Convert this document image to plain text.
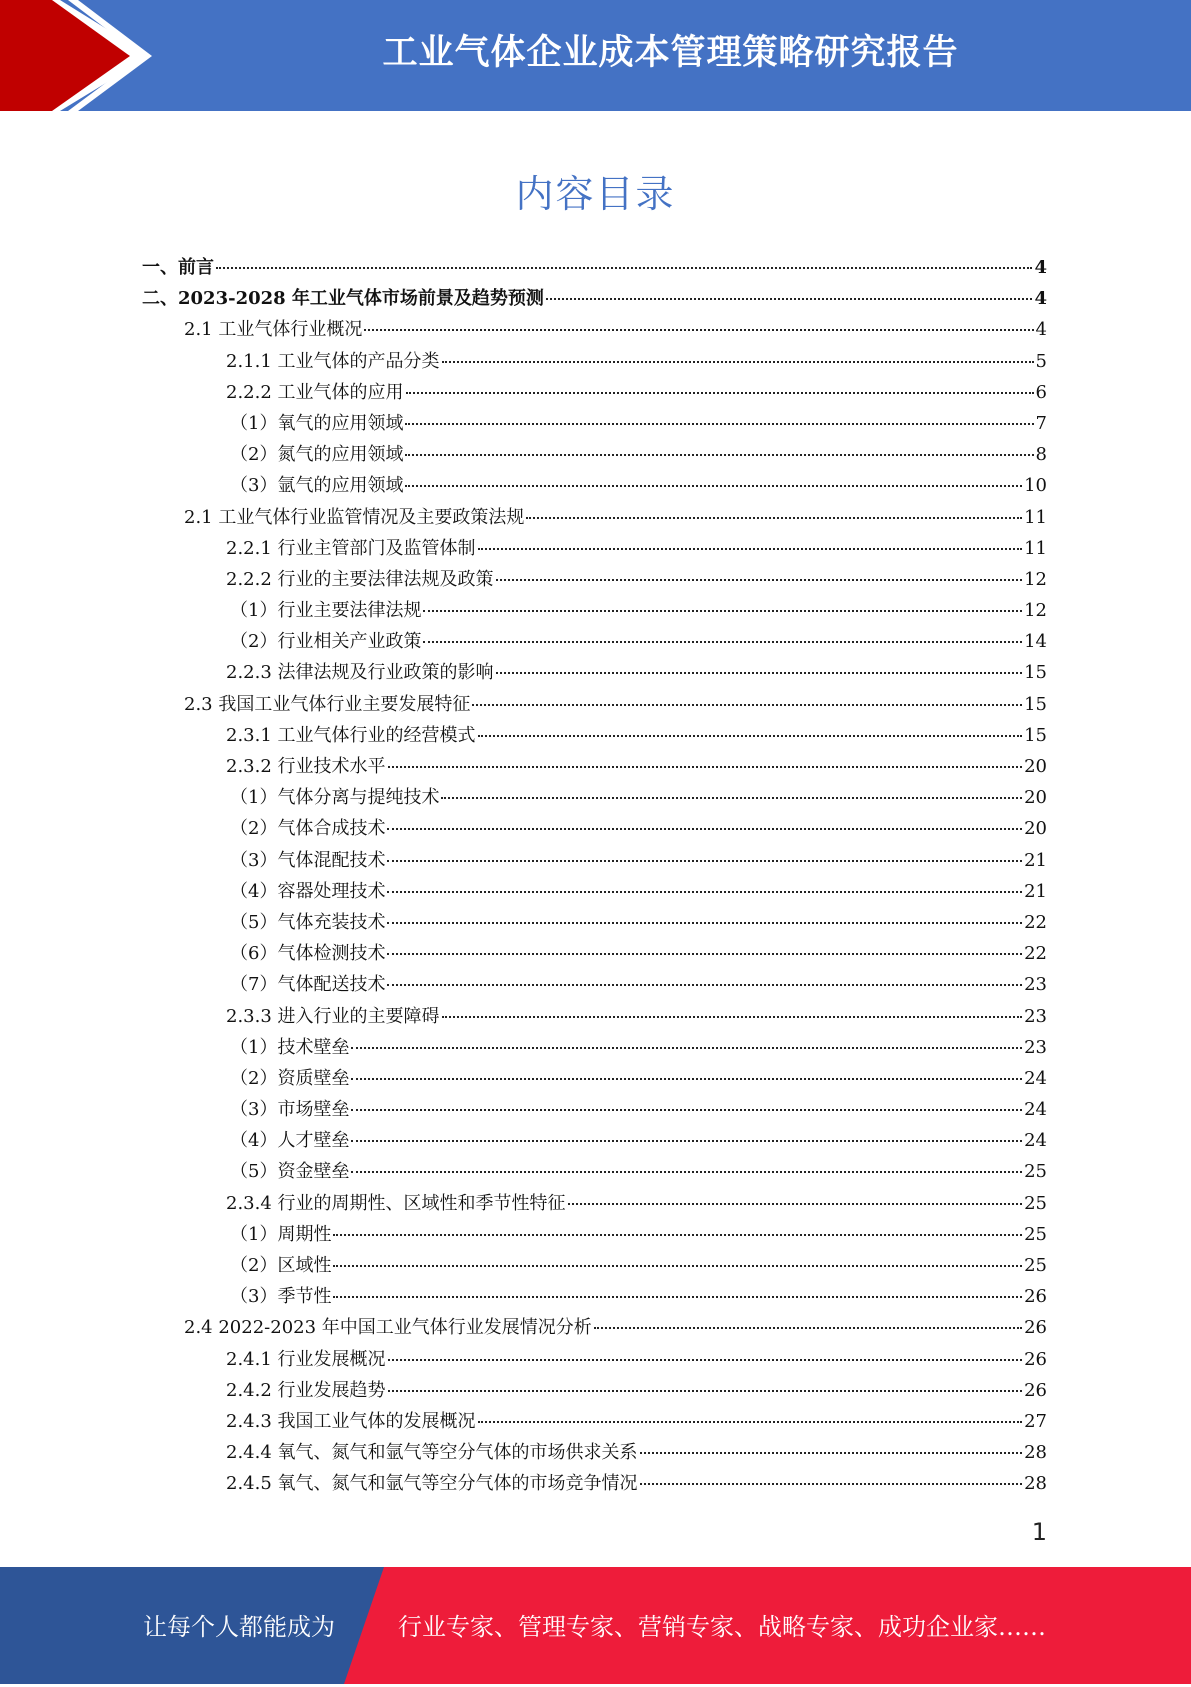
工业气体企业成本管理策略研究报告
内容目录
一、前言	4
二、2023-2028 年工业气体市场前景及趋势预测	4
2.1 工业气体行业概况	4
2.1.1 工业气体的产品分类	5
2.2.2 工业气体的应用	6
（1）氧气的应用领域	7
（2）氮气的应用领域	8
（3）氩气的应用领域	10
2.1 工业气体行业监管情况及主要政策法规	11
2.2.1 行业主管部门及监管体制	11
2.2.2 行业的主要法律法规及政策	12
（1）行业主要法律法规	12
（2）行业相关产业政策	14
2.2.3 法律法规及行业政策的影响	15
2.3 我国工业气体行业主要发展特征	15
2.3.1 工业气体行业的经营模式	15
2.3.2 行业技术水平	20
（1）气体分离与提纯技术	20
（2）气体合成技术	20
（3）气体混配技术	21
（4）容器处理技术	21
（5）气体充装技术	22
（6）气体检测技术	22
（7）气体配送技术	23
2.3.3 进入行业的主要障碍	23
（1）技术壁垒	23
（2）资质壁垒	24
（3）市场壁垒	24
（4）人才壁垒	24
（5）资金壁垒	25
2.3.4 行业的周期性、区域性和季节性特征	25
（1）周期性	25
（2）区域性	25
（3）季节性	26
2.4 2022-2023 年中国工业气体行业发展情况分析	26
2.4.1 行业发展概况	26
2.4.2 行业发展趋势	26
2.4.3 我国工业气体的发展概况	27
2.4.4 氧气、氮气和氩气等空分气体的市场供求关系	28
2.4.5 氧气、氮气和氩气等空分气体的市场竞争情况	28
1
让每个人都能成为	行业专家、管理专家、营销专家、战略专家、成功企业家……
